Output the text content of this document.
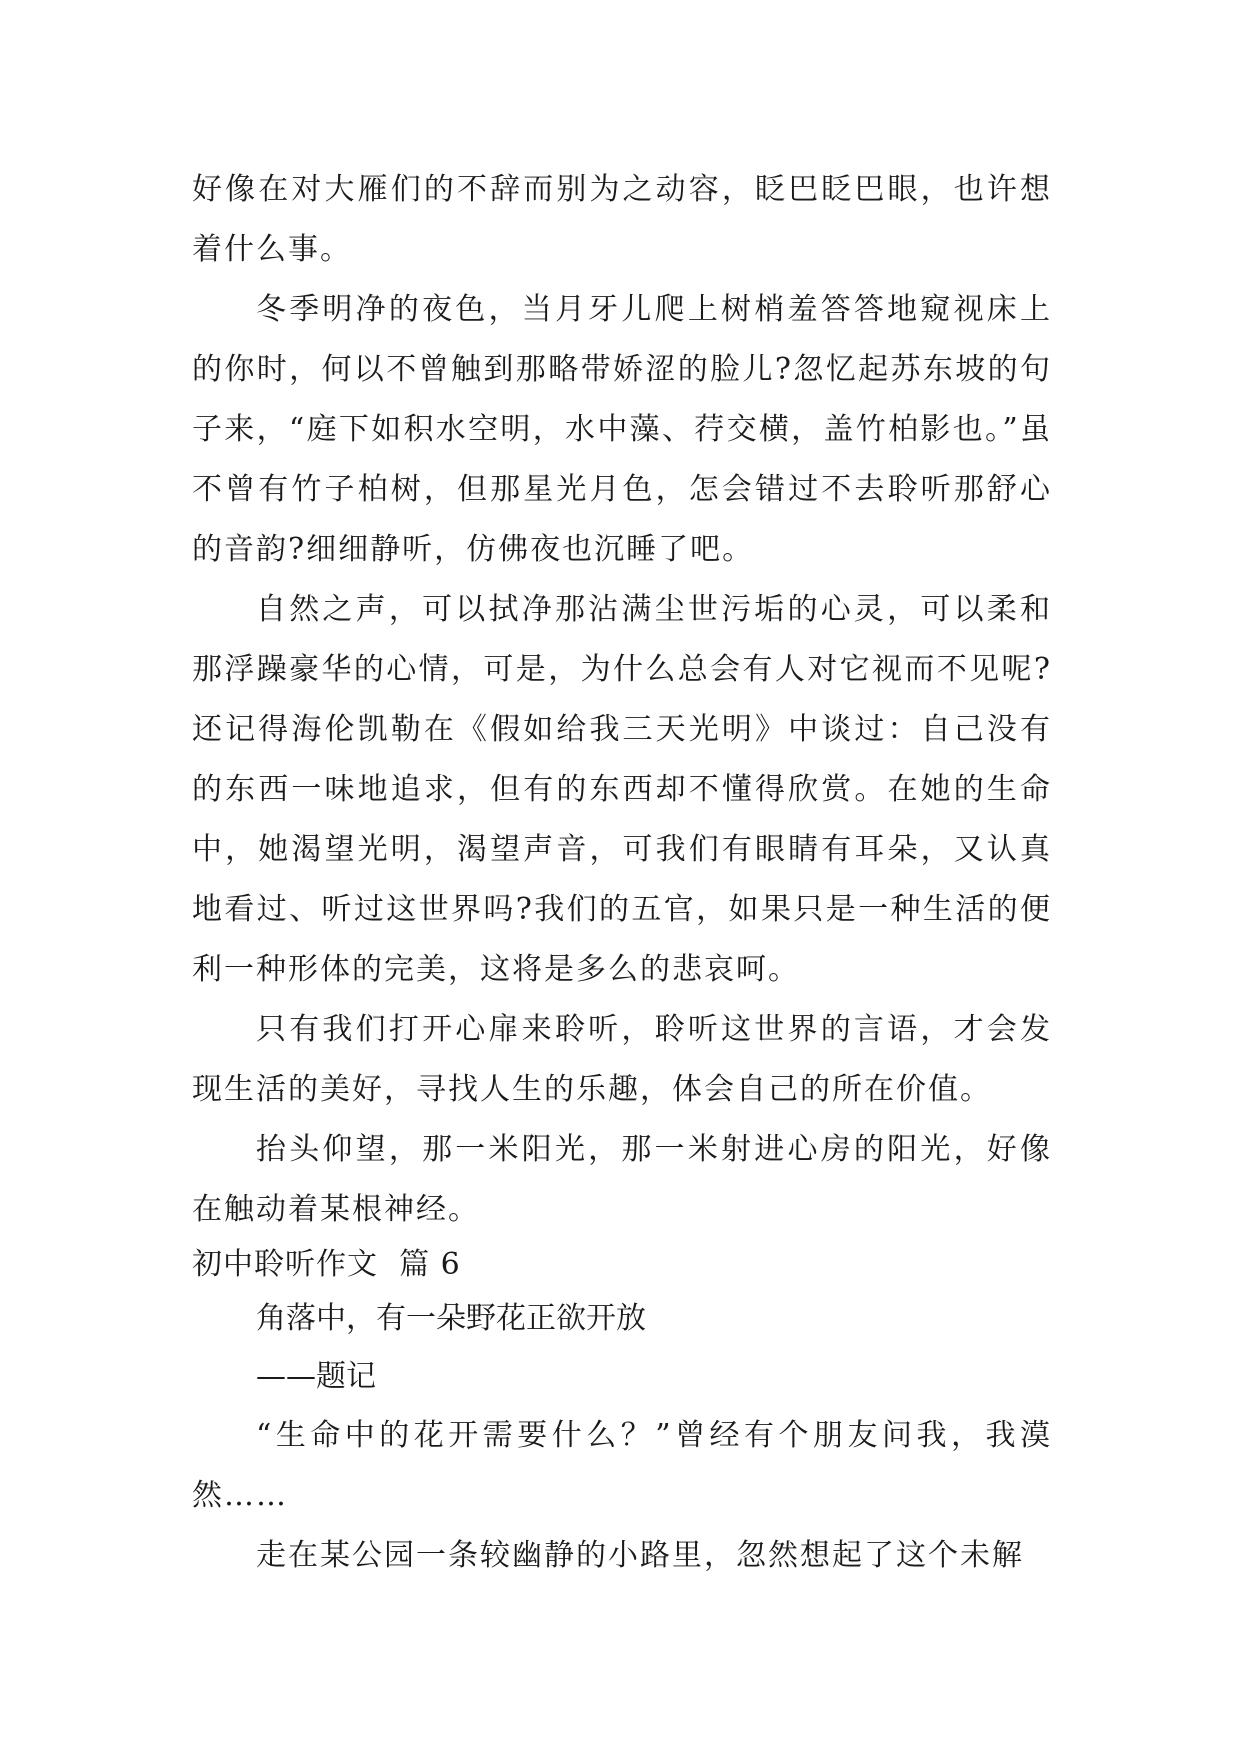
好像在对大雁们的不辞而别为之动容，眨巴眨巴眼，也许想着什么事。

冬季明净的夜色，当月牙儿爬上树梢羞答答地窥视床上的你时，何以不曾触到那略带娇涩的脸儿?忽忆起苏东坡的句子来，“庭下如积水空明，水中藻、荇交横，盖竹柏影也。”虽不曾有竹子柏树，但那星光月色，怎会错过不去聆听那舒心的音韵?细细静听，仿佛夜也沉睡了吧。

自然之声，可以拭净那沾满尘世污垢的心灵，可以柔和那浮躁豪华的心情，可是，为什么总会有人对它视而不见呢?还记得海伦凯勒在《假如给我三天光明》中谈过：自己没有的东西一味地追求，但有的东西却不懂得欣赏。在她的生命中，她渴望光明，渴望声音，可我们有眼睛有耳朵，又认真地看过、听过这世界吗?我们的五官，如果只是一种生活的便利一种形体的完美，这将是多么的悲哀呵。

只有我们打开心扉来聆听，聆听这世界的言语，才会发现生活的美好，寻找人生的乐趣，体会自己的所在价值。

抬头仰望，那一米阳光，那一米射进心房的阳光，好像在触动着某根神经。

初中聆听作文  篇 6

角落中，有一朵野花正欲开放

——题记

“生命中的花开需要什么？”曾经有个朋友问我，我漠然……

走在某公园一条较幽静的小路里，忽然想起了这个未解
